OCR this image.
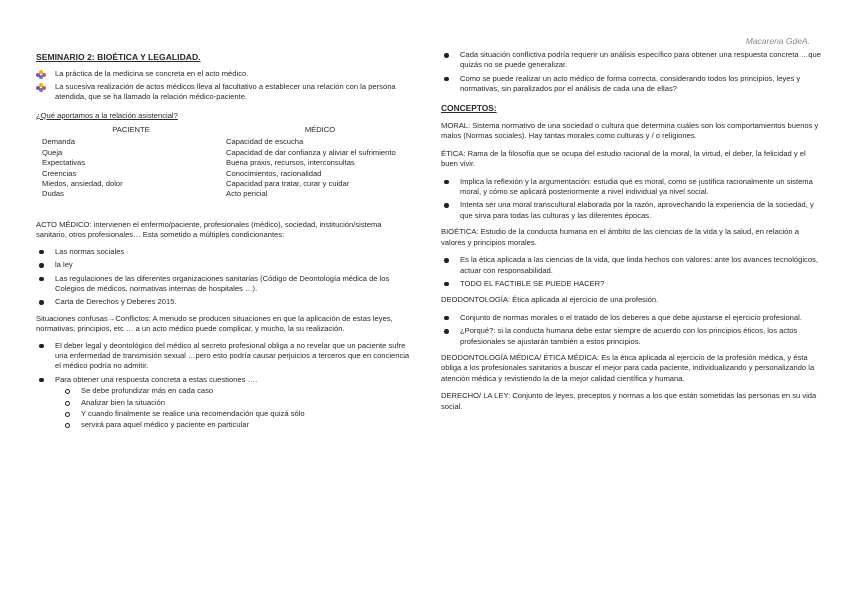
Macarena GdeA.

SEMINARIO 2: BIOÉTICA Y LEGALIDAD.

La práctica de la medicina se concreta en el acto médico.
La sucesiva realización de actos médicos lleva al facultativo a establecer una relación con la persona atendida, que se ha llamado la relación médico-paciente.

¿Qué aportamos a la relación asistencial?

PACIENTE	MÉDICO
Demanda	Capacidad de escucha
Queja	Capacidad de dar confianza y aliviar el sufrimiento
Expectativas	Buena praxis, recursos, interconsultas
Creencias	Conocimientos, racionalidad
Miedos, ansiedad, dolor	Capacidad para tratar, curar y cuidar
Dudas	Acto pericial

ACTO MÉDICO: intervienen el enfermo/paciente, profesionales (médico), sociedad, institución/sistema sanitario, otros profesionales… Esta sometido a múltiples condicionantes:

Las normas sociales
la ley
Las regulaciones de las diferentes organizaciones sanitarias (Código de Deontología médica de los Colegios de médicos, normativas internas de hospitales …).
Carta de Derechos y Deberes 2015.

Situaciones confusas→Conflictos: A menudo se producen situaciones en que la aplicación de estas leyes, normativas, principios, etc … a un acto médico puede complicar, y mucho, la su realización.

El deber legal y deontológico del médico al secreto profesional obliga a no revelar que un paciente sufre una enfermedad de transmisión sexual …pero esto podría causar perjuicios a terceros que en conciencia el médico podría no admitir.
Para obtener una respuesta concreta a estas cuestiones ….
Se debe profundizar más en cada caso
Analizar bien la situación
Y cuando finalmente se realice una recomendación que quizá sólo
servirá para aquel médico y paciente en particular
Cada situación conflictiva podría requerir un análisis específico para obtener una respuesta concreta …que quizás no se puede generalizar.
Como se puede realizar un acto médico de forma correcta, considerando todos los principios, leyes y normativas, sin paralizados por el análisis de cada una de ellas?

CONCEPTOS:

MORAL: Sistema normativo de una sociedad o cultura que determina cuáles son los comportamientos buenos y malos (Normas sociales). Hay tantas morales como culturas y / o religiones.

ÉTICA: Rama de la filosofía que se ocupa del estudio racional de la moral, la virtud, el deber, la felicidad y el buen vivir.

Implica la reflexión y la argumentación: estudia qué es moral, como se justifica racionalmente un sistema moral, y cómo se aplicará posteriormente a nivel individual ya nivel social.
Intenta ser una moral transcultural elaborada por la razón, aprovechando la experiencia de la sociedad, y que sirva para todas las culturas y las diferentes épocas.

BIOÉTICA: Estudio de la conducta humana en el ámbito de las ciencias de la vida y la salud, en relación a valores y principios morales.

Es la ética aplicada a las ciencias de la vida, que linda hechos con valores: ante los avances tecnológicos, actuar con responsabilidad.
TODO EL FACTIBLE SE PUEDE HACER?

DEODONTOLOGÍA: Ética aplicada al ejercicio de una profesión.

Conjunto de normas morales o el tratado de los deberes a que debe ajustarse el ejercicio profesional.
¿Porqué?: si la conducta humana debe estar siempre de acuerdo con los principios éticos, los actos profesionales se ajustarán también a estos principios.

DEODONTOLOGÍA MÉDICA/ ÉTICA MÉDICA: Es la ética aplicada al ejercicio de la profesión médica, y ésta obliga a los profesionales sanitarios a buscar el mejor para cada paciente, individualizando y personalizando la atención médica y revistiendo la de la mejor calidad científica y humana.

DERECHO/ LA LEY: Conjunto de leyes, preceptos y normas a los que están sometidas las personas en su vida social.
